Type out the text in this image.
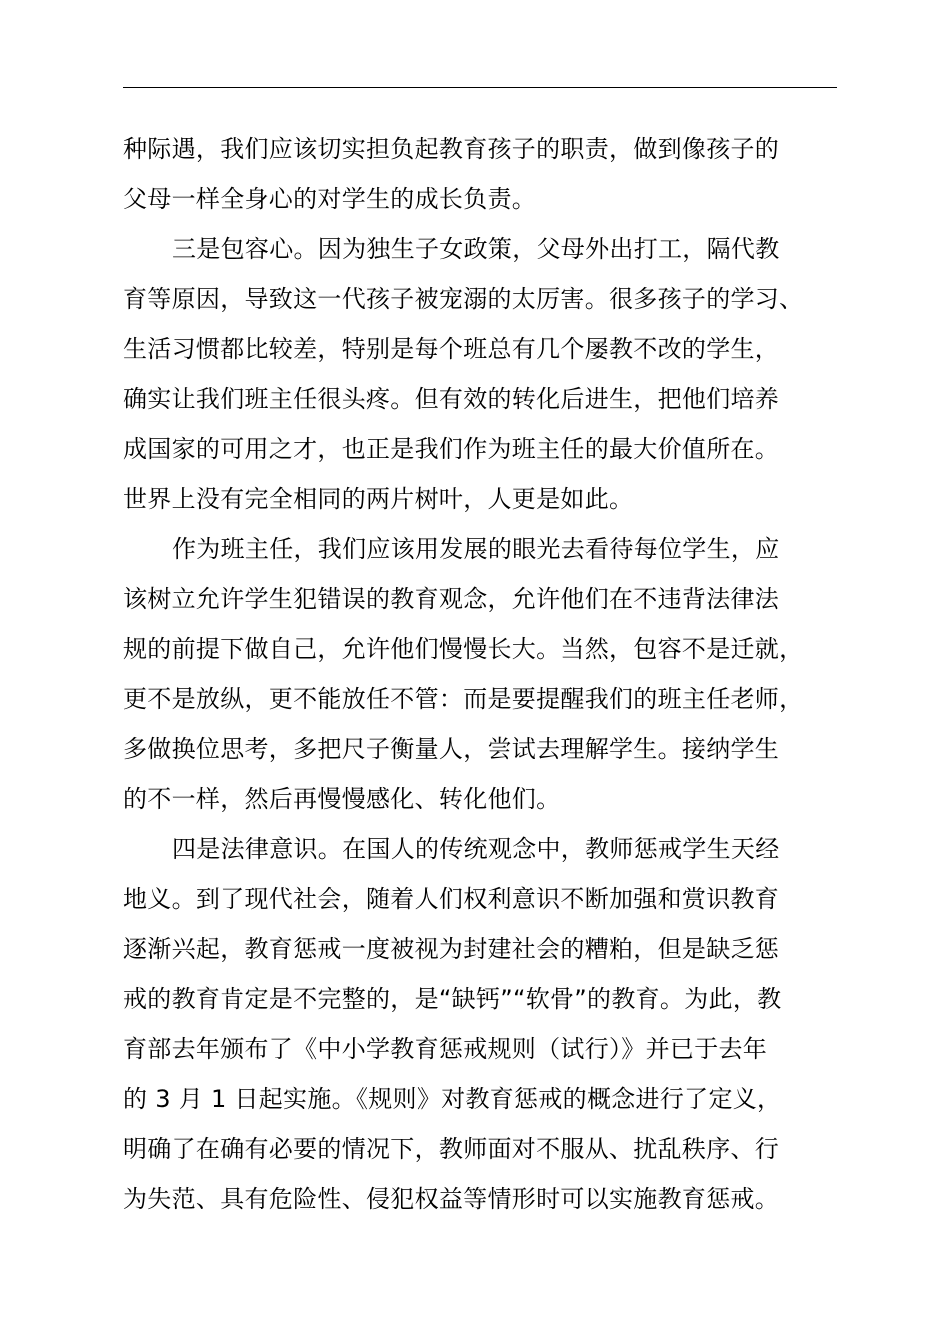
种际遇，我们应该切实担负起教育孩子的职责，做到像孩子的
父母一样全身心的对学生的成长负责。
三是包容心。因为独生子女政策，父母外出打工，隔代教
育等原因，导致这一代孩子被宠溺的太厉害。很多孩子的学习、
生活习惯都比较差，特别是每个班总有几个屡教不改的学生，
确实让我们班主任很头疼。但有效的转化后进生，把他们培养
成国家的可用之才，也正是我们作为班主任的最大价值所在。
世界上没有完全相同的两片树叶，人更是如此。
作为班主任，我们应该用发展的眼光去看待每位学生，应
该树立允许学生犯错误的教育观念，允许他们在不违背法律法
规的前提下做自己，允许他们慢慢长大。当然，包容不是迁就，
更不是放纵，更不能放任不管：而是要提醒我们的班主任老师，
多做换位思考，多把尺子衡量人，尝试去理解学生。接纳学生
的不一样，然后再慢慢感化、转化他们。
四是法律意识。在国人的传统观念中，教师惩戒学生天经
地义。到了现代社会，随着人们权利意识不断加强和赏识教育
逐渐兴起，教育惩戒一度被视为封建社会的糟粕，但是缺乏惩
戒的教育肯定是不完整的，是“缺钙”“软骨”的教育。为此，教
育部去年颁布了《中小学教育惩戒规则（试行）》并已于去年
的 3 月 1 日起实施。《规则》对教育惩戒的概念进行了定义，
明确了在确有必要的情况下，教师面对不服从、扰乱秩序、行
为失范、具有危险性、侵犯权益等情形时可以实施教育惩戒。
